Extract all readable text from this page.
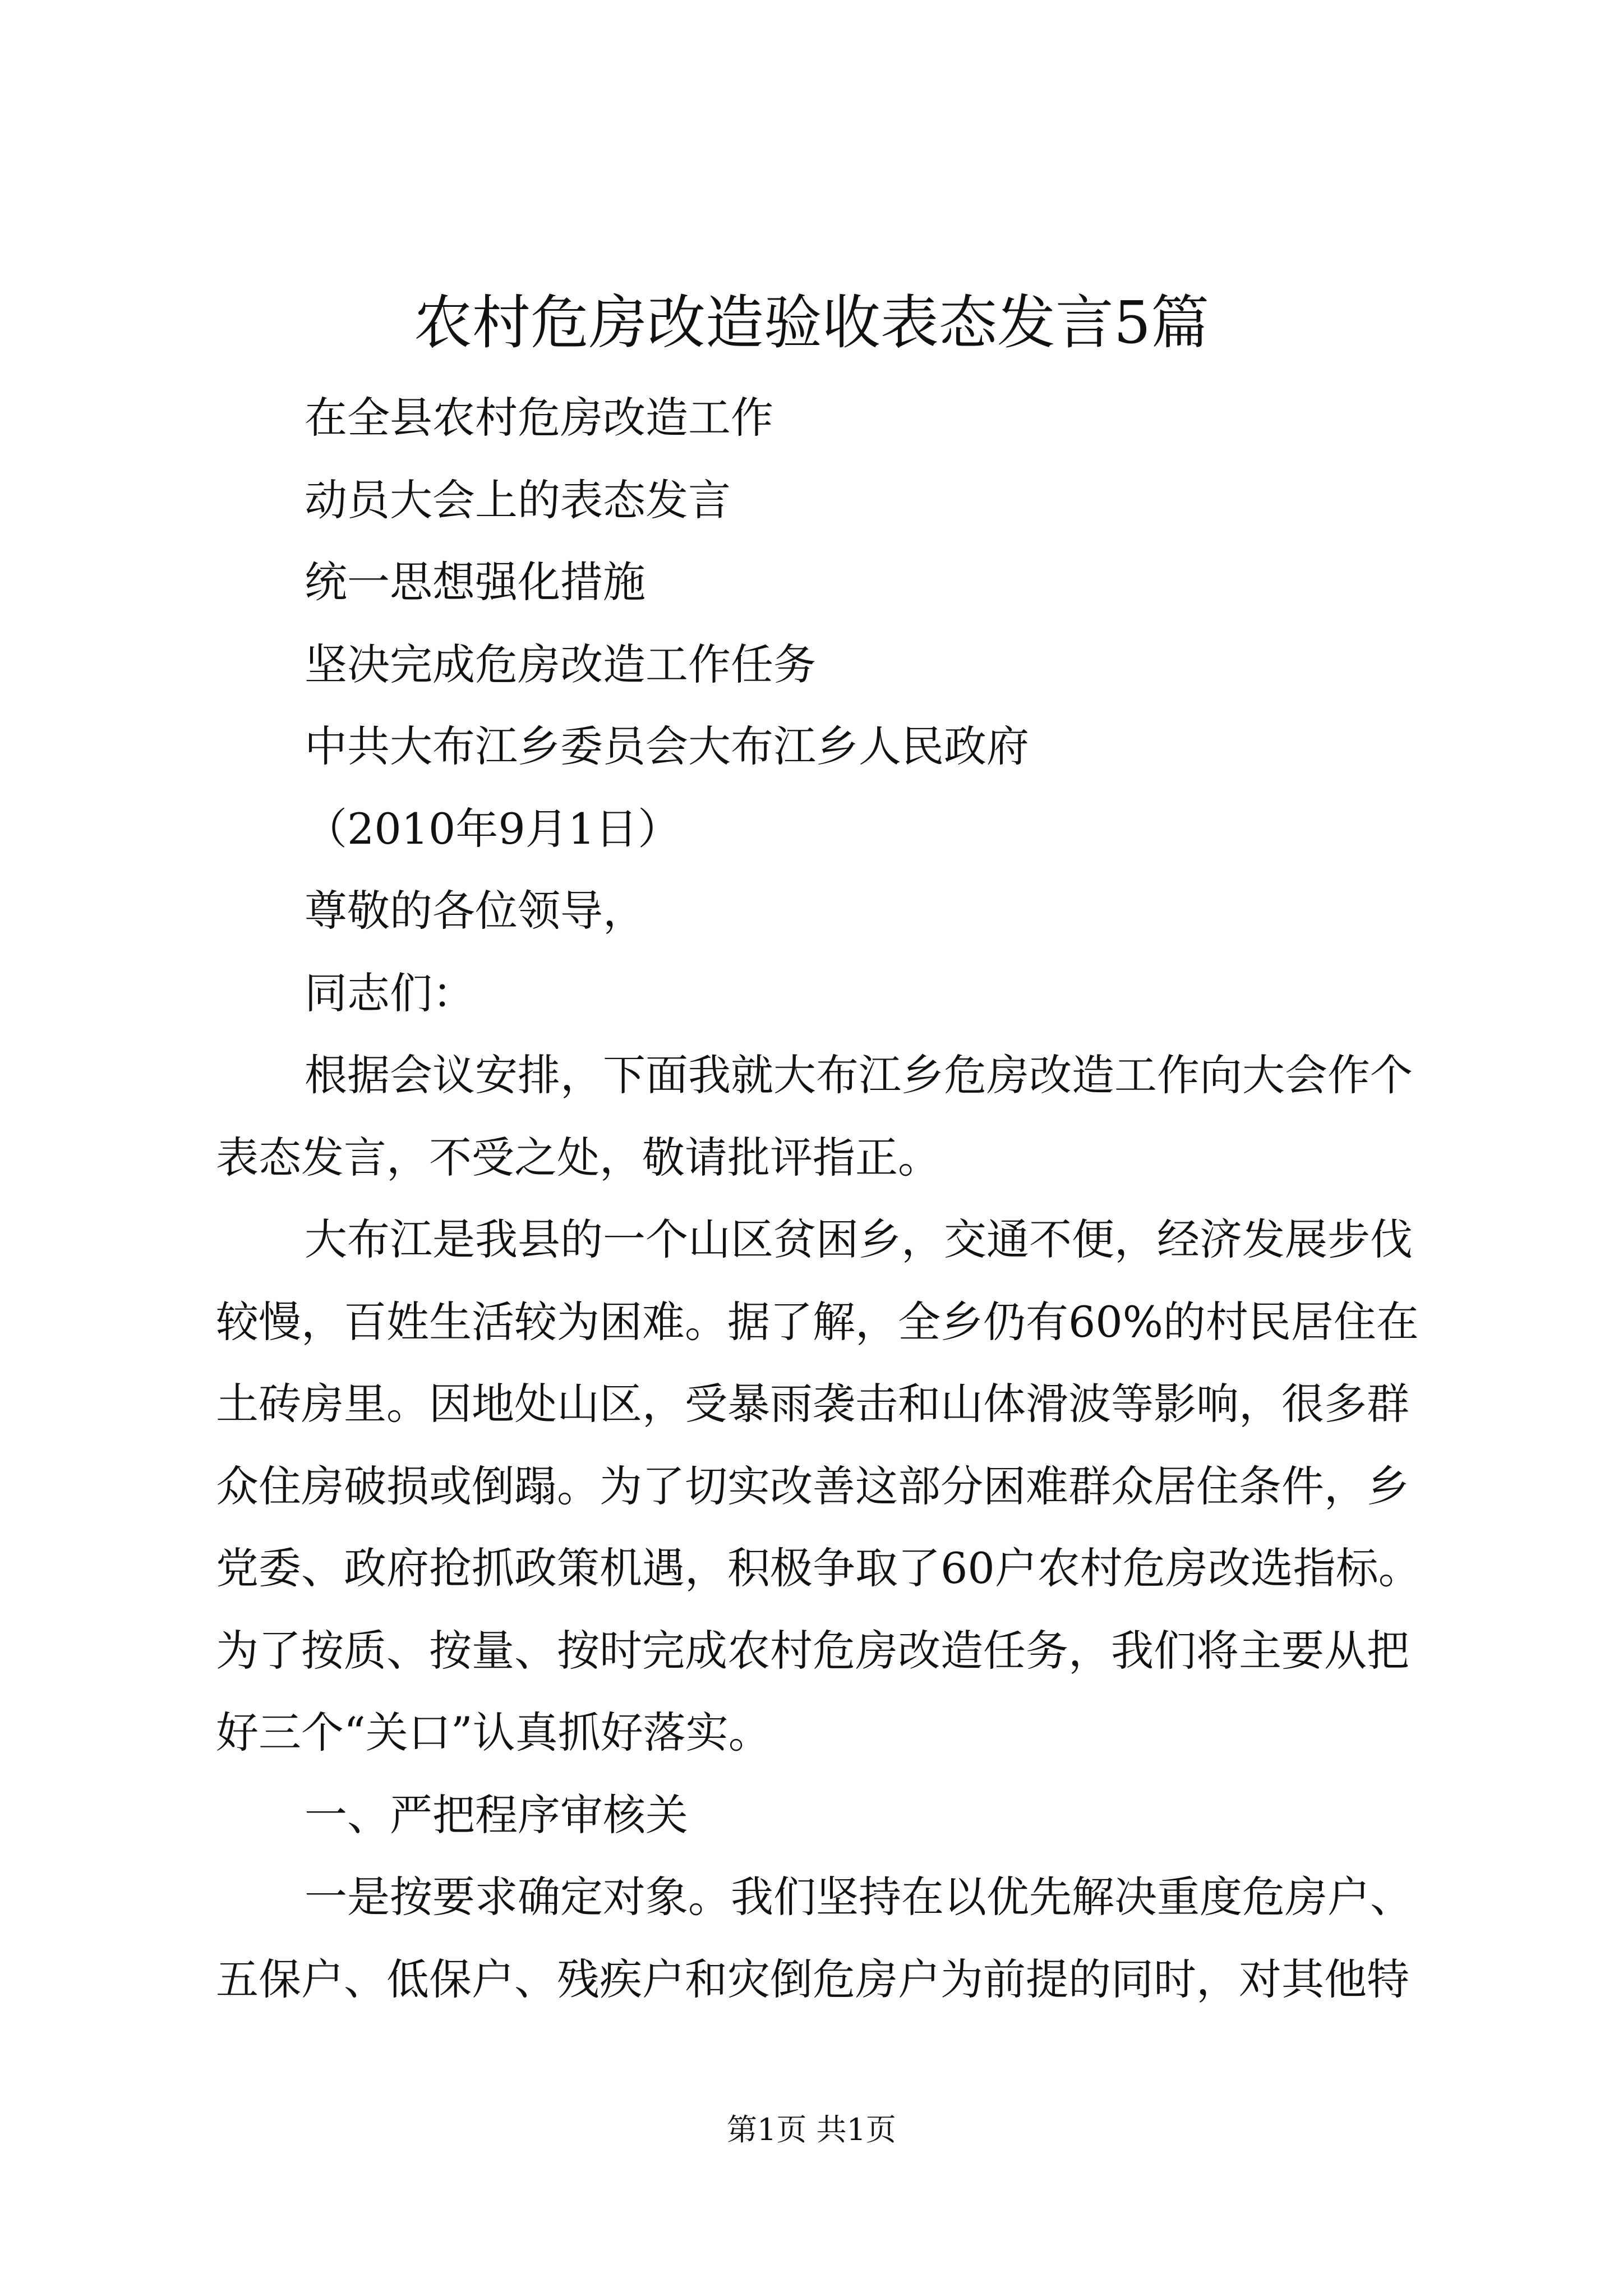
农村危房改造验收表态发言5篇

在全县农村危房改造工作

动员大会上的表态发言

统一思想强化措施

坚决完成危房改造工作任务

中共大布江乡委员会大布江乡人民政府

（2010年9月1日）

尊敬的各位领导，

同志们：

根据会议安排，下面我就大布江乡危房改造工作向大会作个

表态发言，不受之处，敬请批评指正。

大布江是我县的一个山区贫困乡，交通不便，经济发展步伐

较慢，百姓生活较为困难。据了解，全乡仍有60%的村民居住在

土砖房里。因地处山区，受暴雨袭击和山体滑波等影响，很多群

众住房破损或倒蹋。为了切实改善这部分困难群众居住条件，乡

党委、政府抢抓政策机遇，积极争取了60户农村危房改选指标。

为了按质、按量、按时完成农村危房改造任务，我们将主要从把

好三个“关口”认真抓好落实。

一、严把程序审核关

一是按要求确定对象。我们坚持在以优先解决重度危房户、

五保户、低保户、残疾户和灾倒危房户为前提的同时，对其他特

第1页 共1页
